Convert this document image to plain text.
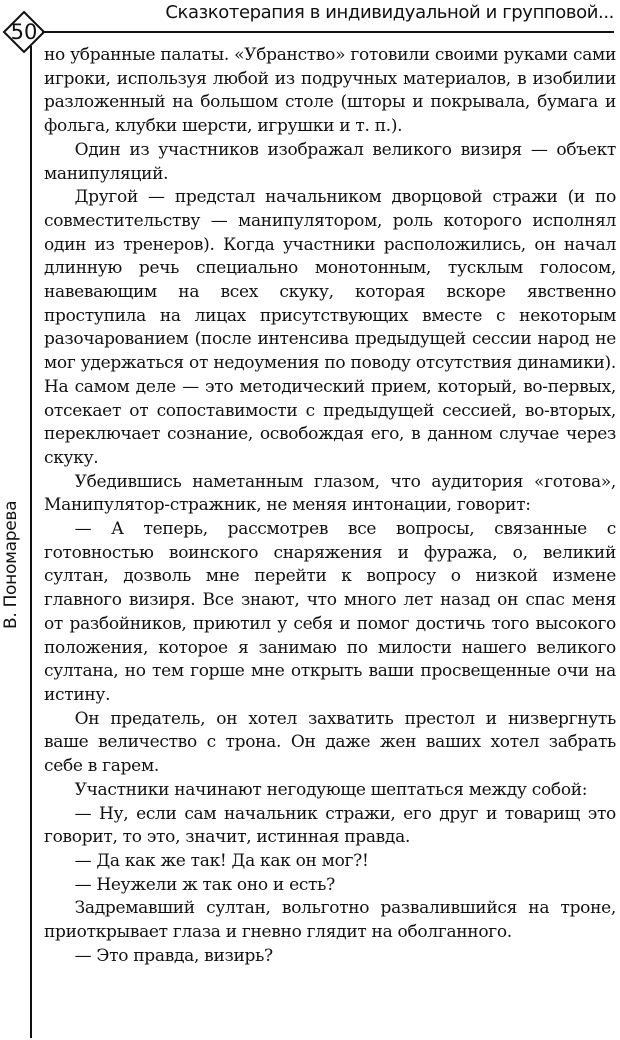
50
Сказкотерапия в индивидуальной и групповой...
В. Пономарева

но убранные палаты. «Убранство» готовили своими руками сами игроки, используя любой из подручных материалов, в изобилии разложенный на большом столе (шторы и покрывала, бумага и фольга, клубки шерсти, игрушки и т. п.).

Один из участников изображал великого визиря — объект манипуляций.

Другой — предстал начальником дворцовой стражи (и по совместительству — манипулятором, роль которого исполнял один из тренеров). Когда участники расположились, он начал длинную речь специально монотонным, тусклым голосом, навевающим на всех скуку, которая вскоре явственно проступила на лицах присутствующих вместе с некоторым разочарованием (после интенсива предыдущей сессии народ не мог удержаться от недоумения по поводу отсутствия динамики). На самом деле — это методический прием, который, во-первых, отсекает от сопоставимости с предыдущей сессией, во-вторых, переключает сознание, освобождая его, в данном случае через скуку.

Убедившись наметанным глазом, что аудитория «готова», Манипулятор-стражник, не меняя интонации, говорит:

— А теперь, рассмотрев все вопросы, связанные с готовностью воинского снаряжения и фуража, о, великий султан, дозволь мне перейти к вопросу о низкой измене главного визиря. Все знают, что много лет назад он спас меня от разбойников, приютил у себя и помог достичь того высокого положения, которое я занимаю по милости нашего великого султана, но тем горше мне открыть ваши просвещенные очи на истину.

Он предатель, он хотел захватить престол и низвергнуть ваше величество с трона. Он даже жен ваших хотел забрать себе в гарем.

Участники начинают негодующе шептаться между собой:

— Ну, если сам начальник стражи, его друг и товарищ это говорит, то это, значит, истинная правда.

— Да как же так! Да как он мог?!

— Неужели ж так оно и есть?

Задремавший султан, вольготно развалившийся на троне, приоткрывает глаза и гневно глядит на оболганного.

— Это правда, визирь?
